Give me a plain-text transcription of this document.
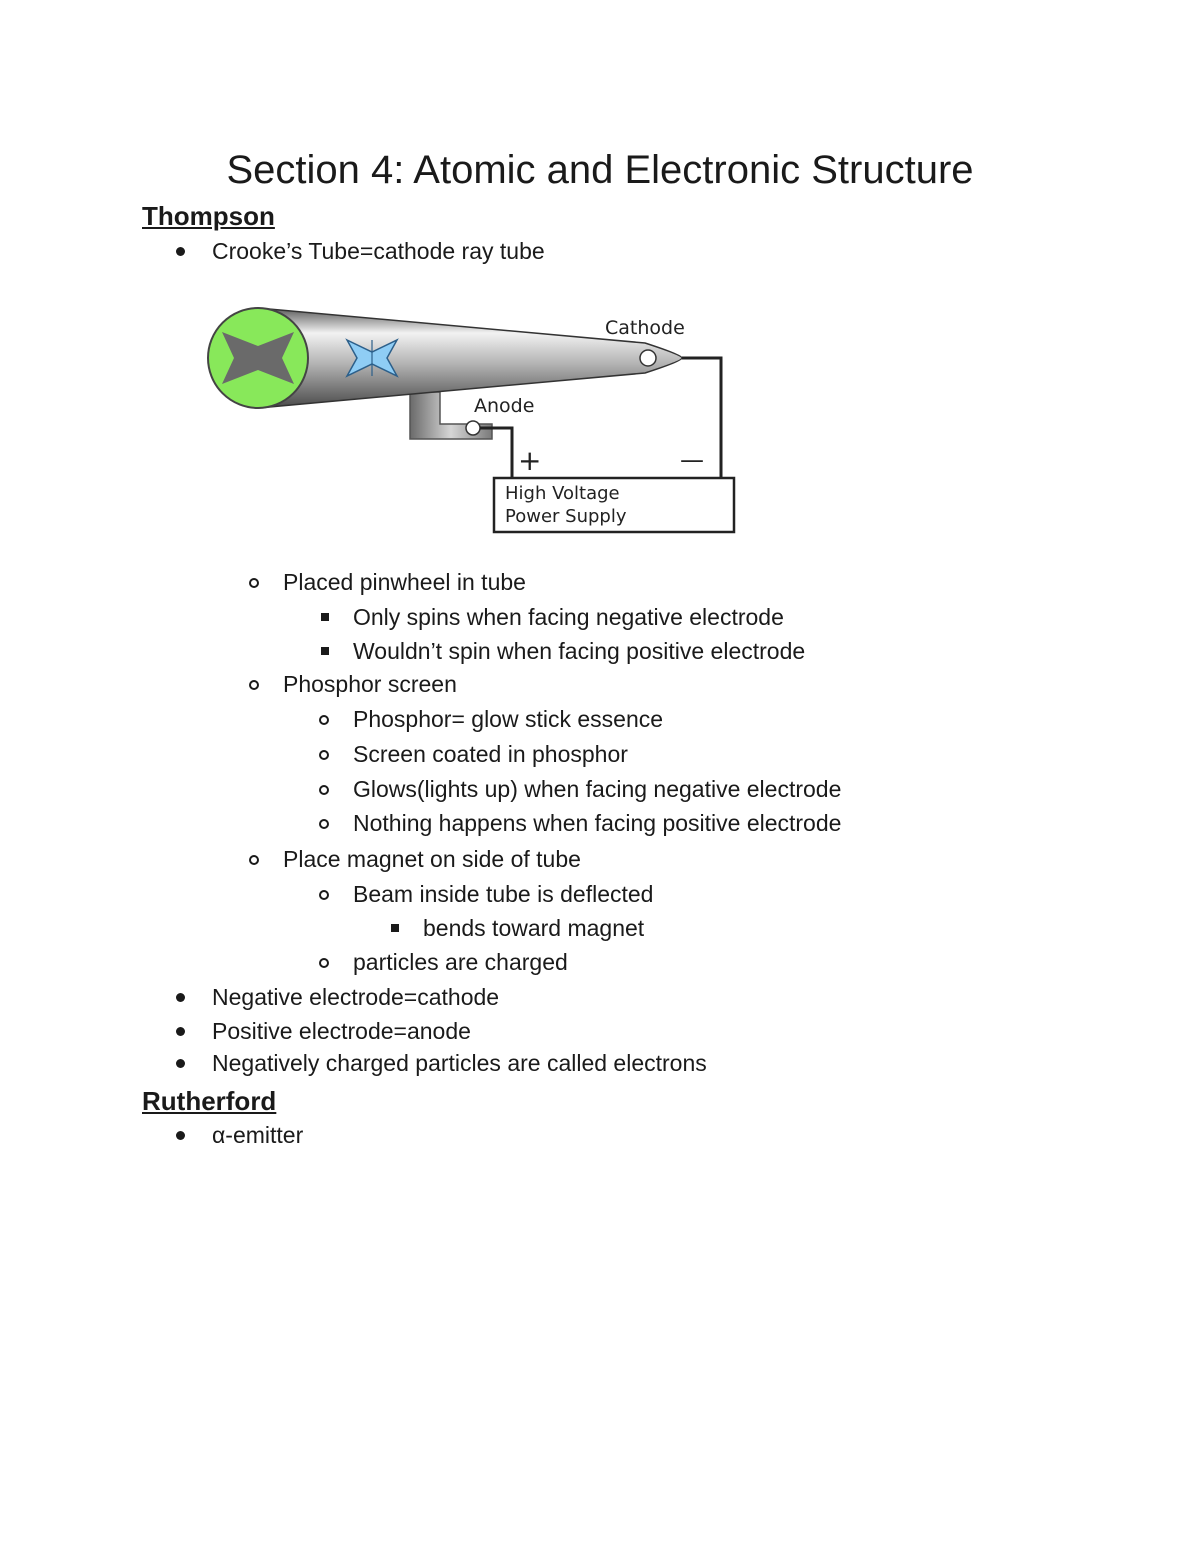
Section 4: Atomic and Electronic Structure
Thompson
Crooke’s Tube=cathode ray tube
Cathode
Anode
+	—
High Voltage
Power Supply
Placed pinwheel in tube
Only spins when facing negative electrode
Wouldn’t spin when facing positive electrode
Phosphor screen
Phosphor= glow stick essence
Screen coated in phosphor
Glows(lights up) when facing negative electrode
Nothing happens when facing positive electrode
Place magnet on side of tube
Beam inside tube is deflected
bends toward magnet
particles are charged
Negative electrode=cathode
Positive electrode=anode
Negatively charged particles are called electrons
Rutherford
α-emitter
